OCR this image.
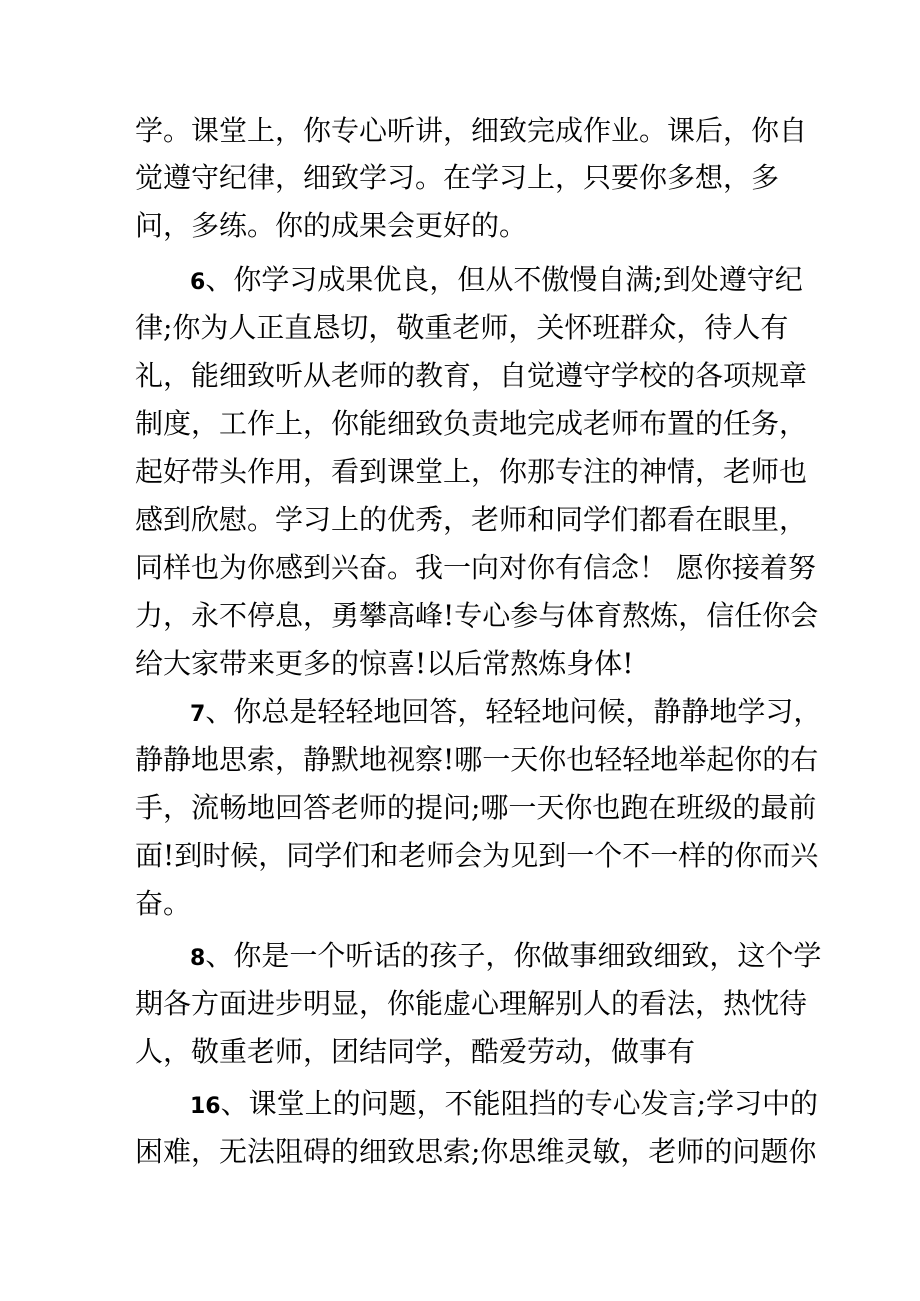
学。课堂上，你专心听讲，细致完成作业。课后，你自
觉遵守纪律，细致学习。在学习上，只要你多想，多
问，多练。你的成果会更好的。
6、你学习成果优良，但从不傲慢自满;到处遵守纪
律;你为人正直恳切，敬重老师，关怀班群众，待人有
礼，能细致听从老师的教育，自觉遵守学校的各项规章
制度，工作上，你能细致负责地完成老师布置的任务，
起好带头作用，看到课堂上，你那专注的神情，老师也
感到欣慰。学习上的优秀，老师和同学们都看在眼里，
同样也为你感到兴奋。我一向对你有信念！ 愿你接着努
力，永不停息，勇攀高峰!专心参与体育熬炼，信任你会
给大家带来更多的惊喜!以后常熬炼身体!
7、你总是轻轻地回答，轻轻地问候，静静地学习，
静静地思索，静默地视察!哪一天你也轻轻地举起你的右
手，流畅地回答老师的提问;哪一天你也跑在班级的最前
面!到时候，同学们和老师会为见到一个不一样的你而兴
奋。
8、你是一个听话的孩子，你做事细致细致，这个学
期各方面进步明显，你能虚心理解别人的看法，热忱待
人，敬重老师，团结同学，酷爱劳动，做事有
16、课堂上的问题，不能阻挡的专心发言;学习中的
困难，无法阻碍的细致思索;你思维灵敏，老师的问题你
